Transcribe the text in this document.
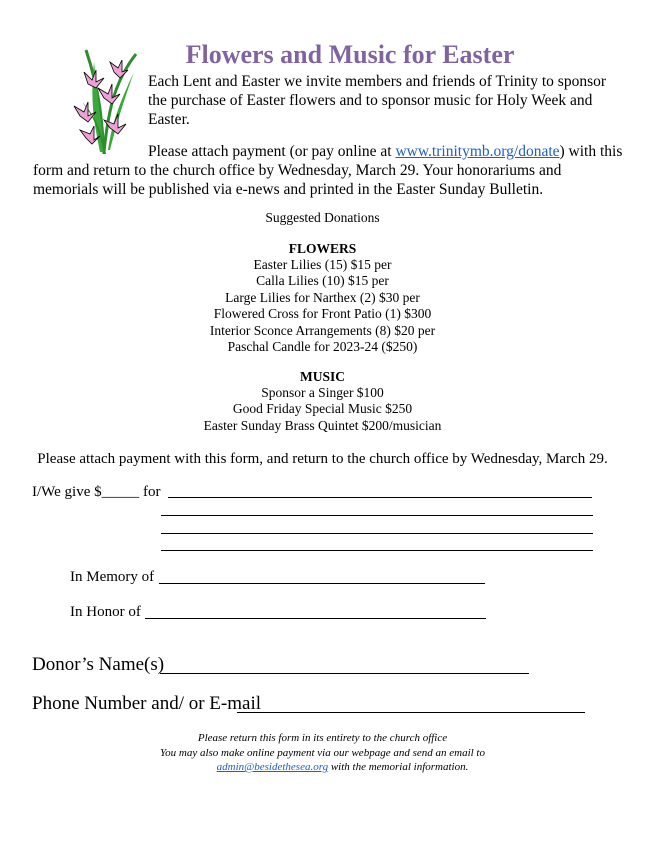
Flowers and Music for Easter
Each Lent and Easter we invite members and friends of Trinity to sponsor the purchase of Easter flowers and to sponsor music for Holy Week and Easter.
Please attach payment (or pay online at www.trinitymb.org/donate) with this form and return to the church office by Wednesday, March 29. Your honorariums and memorials will be published via e-news and printed in the Easter Sunday Bulletin.
Suggested Donations
FLOWERS
Easter Lilies (15) $15 per
Calla Lilies (10) $15 per
Large Lilies for Narthex (2) $30 per
Flowered Cross for Front Patio (1) $300
Interior Sconce Arrangements (8) $20 per
Paschal Candle for 2023-24 ($250)
MUSIC
Sponsor a Singer $100
Good Friday Special Music $250
Easter Sunday Brass Quintet $200/musician
Please attach payment with this form, and return to the church office by Wednesday, March 29.
I/We give $_____ for
In Memory of
In Honor of
Donor’s Name(s)
Phone Number and/ or E-mail
Please return this form in its entirety to the church office
You may also make online payment via our webpage and send an email to
admin@besidethesea.org with the memorial information.
